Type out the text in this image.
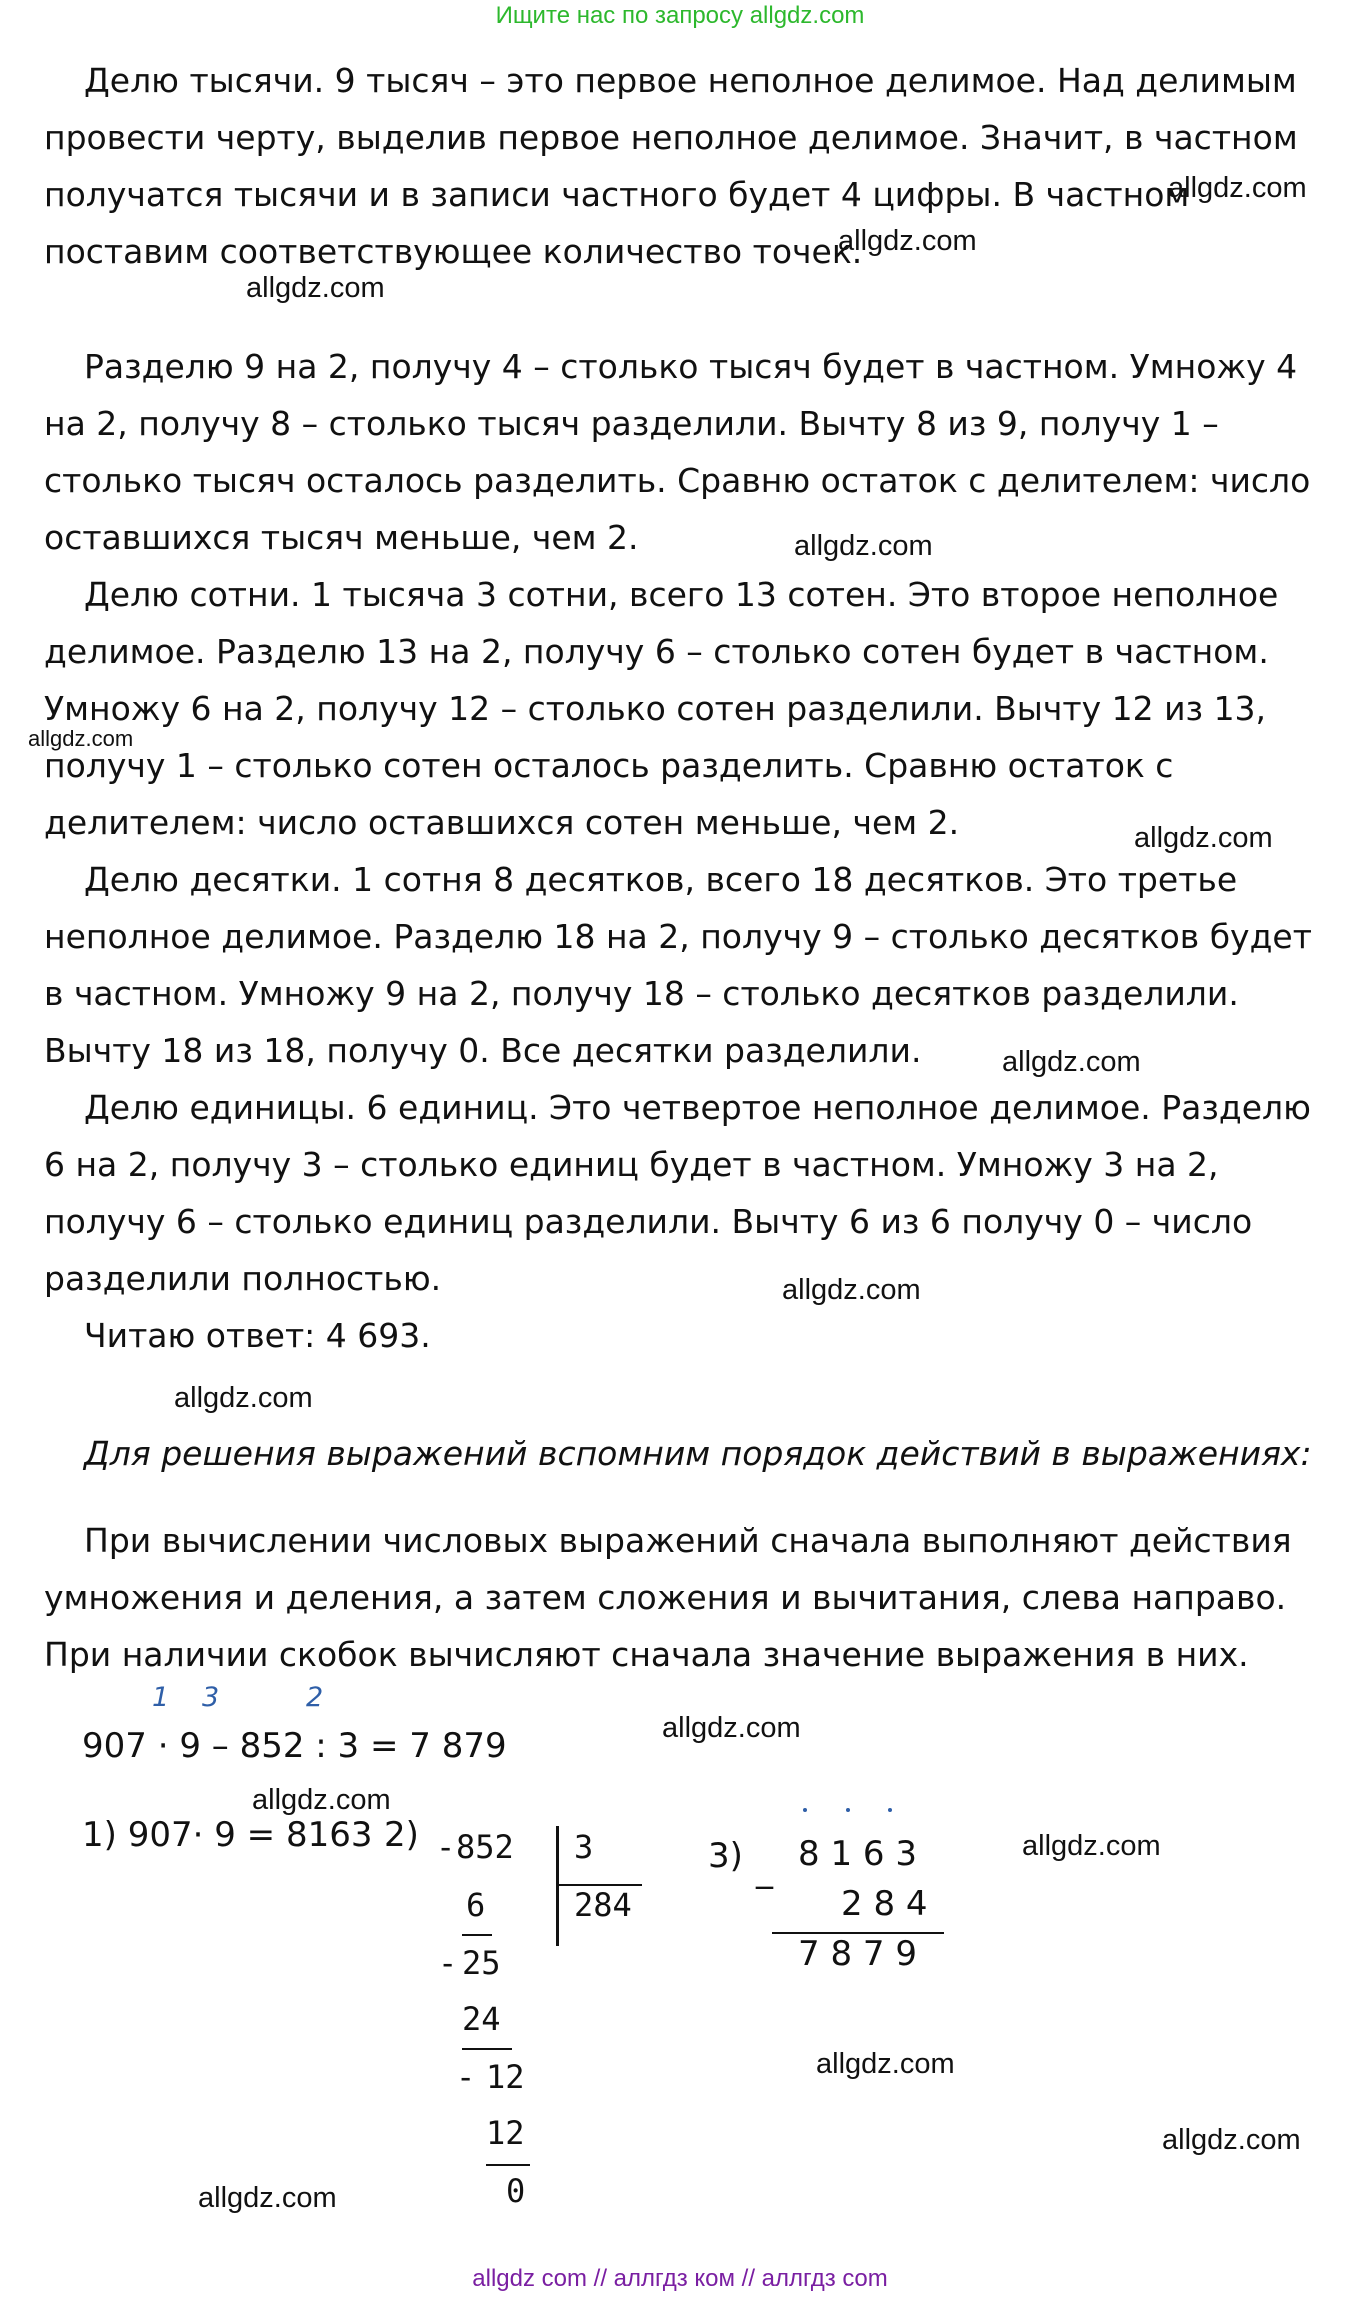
Ищите нас по запросу allgdz.com

Делю тысячи. 9 тысяч – это первое неполное делимое. Над делимым провести черту, выделив первое неполное делимое. Значит, в частном получатся тысячи и в записи частного будет 4 цифры. В частном поставим соответствующее количество точек.

Разделю 9 на 2, получу 4 – столько тысяч будет в частном. Умножу 4 на 2, получу 8 – столько тысяч разделили. Вычту 8 из 9, получу 1 – столько тысяч осталось разделить. Сравню остаток с делителем: число оставшихся тысяч меньше, чем 2.

Делю сотни. 1 тысяча 3 сотни, всего 13 сотен. Это второе неполное делимое. Разделю 13 на 2, получу 6 – столько сотен будет в частном. Умножу 6 на 2, получу 12 – столько сотен разделили. Вычту 12 из 13, получу 1 – столько сотен осталось разделить. Сравню остаток с делителем: число оставшихся сотен меньше, чем 2.

Делю десятки. 1 сотня 8 десятков, всего 18 десятков. Это третье неполное делимое. Разделю 18 на 2, получу 9 – столько десятков будет в частном. Умножу 9 на 2, получу 18 – столько десятков разделили. Вычту 18 из 18, получу 0. Все десятки разделили.

Делю единицы. 6 единиц. Это четвертое неполное делимое. Разделю 6 на 2, получу 3 – столько единиц будет в частном. Умножу 3 на 2, получу 6 – столько единиц разделили. Вычту 6 из 6 получу 0 – число разделили полностью.

Читаю ответ: 4 693.

Для решения выражений вспомним порядок действий в выражениях:

При вычислении числовых выражений сначала выполняют действия умножения и деления, а затем сложения и вычитания, слева направо. При наличии скобок вычисляют сначала значение выражения в них.

1 3	2
907 · 9 – 852 : 3 = 7 879
1) 907· 9 = 8163 2) - 852 3
284
6
- 25
24
- 12
12
0
3) _ 8 1 6 3
2 8 4
7 8 7 9
allgdz.com
allgdz.com
allgdz.com
allgdz.com
allgdz.com
allgdz.com
allgdz.com
allgdz.com
allgdz.com
allgdz.com
allgdz.com
allgdz.com
allgdz.com
allgdz.com
allgdz.com
allgdz com // аллгдз ком // аллгдз com
